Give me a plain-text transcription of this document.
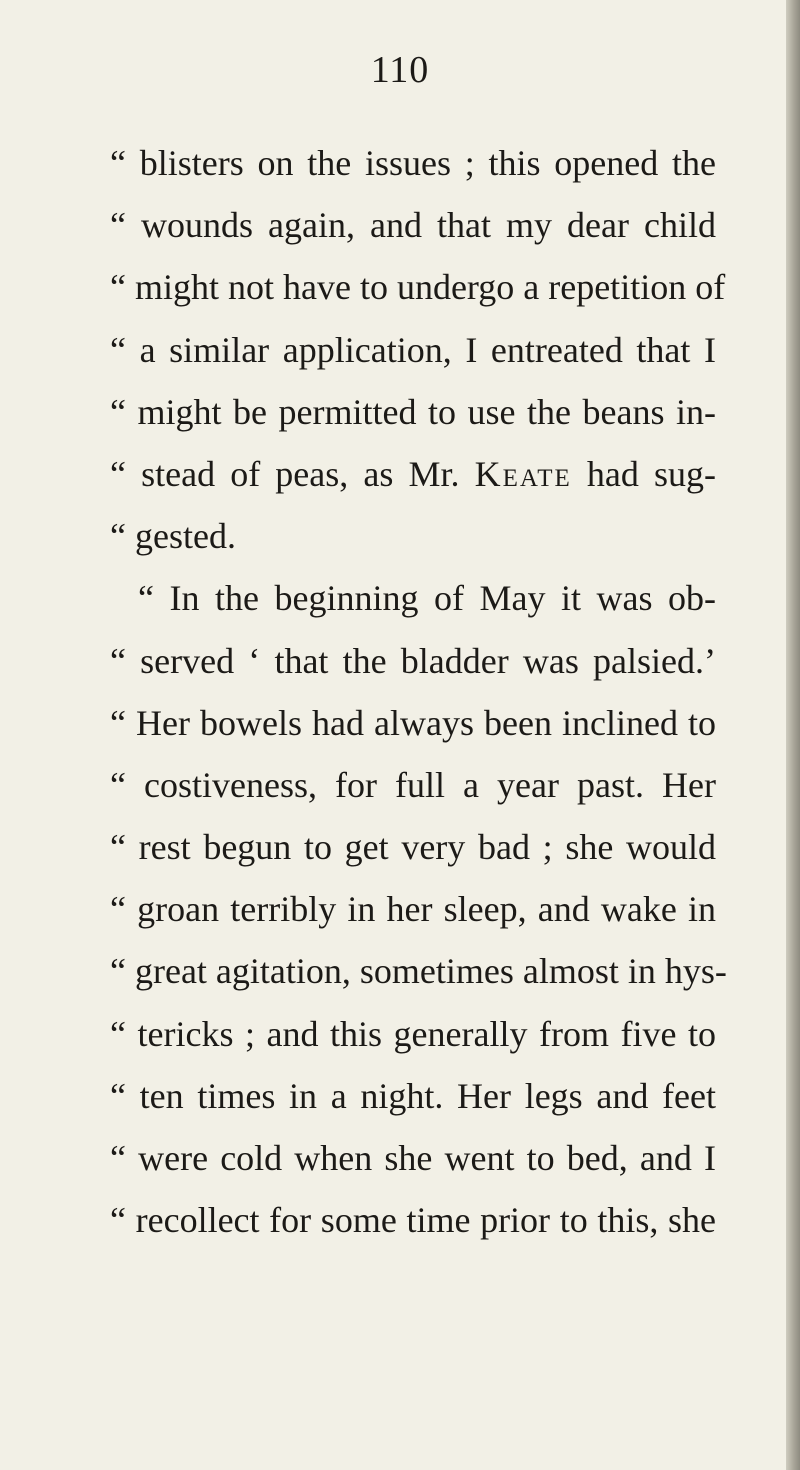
110
“ blisters on the issues ; this opened the
“ wounds again, and that my dear child
“ might not have to undergo a repetition of
“ a similar application, I entreated that I
“ might be permitted to use the beans in-
“ stead of peas, as Mr. Keate had sug-
“ gested.
“ In the beginning of May it was ob-
“ served ‘ that the bladder was palsied.’
“ Her bowels had always been inclined to
“ costiveness, for full a year past. Her
“ rest begun to get very bad ; she would
“ groan terribly in her sleep, and wake in
“ great agitation, sometimes almost in hys-
“ tericks ; and this generally from five to
“ ten times in a night. Her legs and feet
“ were cold when she went to bed, and I
“ recollect for some time prior to this, she
